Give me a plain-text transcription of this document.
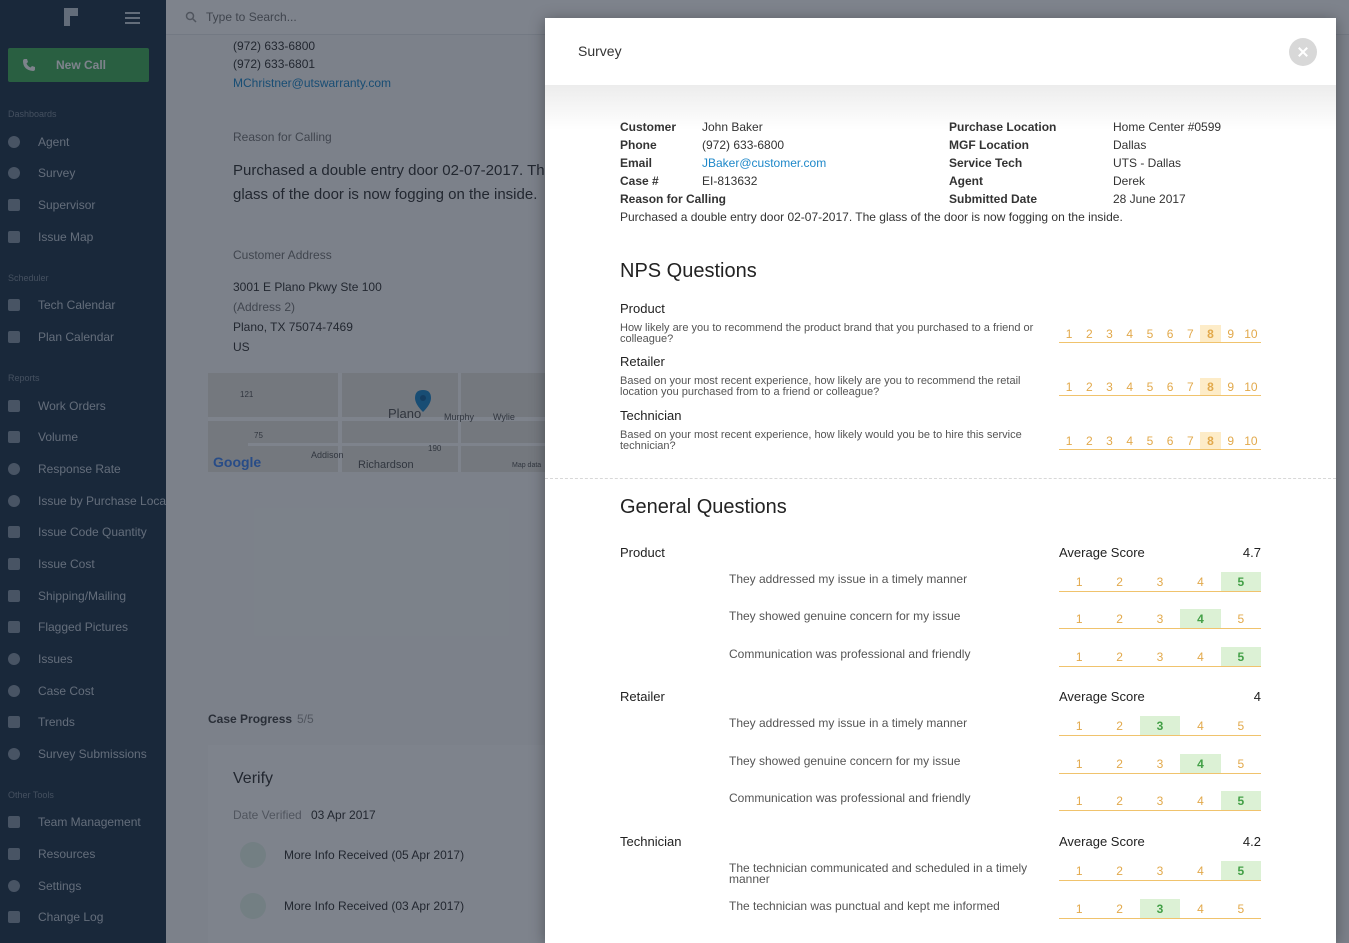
Type to Search...
Survey
Customer John Baker
Phone	(972) 633-6800
Email	JBaker@customer.com
Case #	EI-813632
Reason for Calling
Purchased a double entry door 02-07-2017. The glass of the door is now fogging on the inside.
Purchase Location	Home Center #0599
MGF Location	Dallas
Service Tech	UTS - Dallas
Agent	Derek
Submitted Date	28 June 2017
NPS Questions
Product
How likely are you to recommend the product brand that you purchased to a friend or colleague?	1	2	3	4	5	6	7	8	9 10
Retailer
Based on your most recent experience, how likely are you to recommend the retail location you purchased from to a friend or colleague?	1	2	3	4	5	6	7	8	9 10
Technician
Based on your most recent experience, how likely would you be to hire this service technician?	1	2	3	4	5	6	7	8	9 10
General Questions
Product	Average Score	4.7
They addressed my issue in a timely manner	1	2	3	4	5
They showed genuine concern for my issue	1	2	3	4	5
Communication was professional and friendly	1	2	3	4	5
Retailer	Average Score	4
They addressed my issue in a timely manner	1	2	3	4	5
They showed genuine concern for my issue	1	2	3	4	5
Communication was professional and friendly	1	2	3	4	5
Technician	Average Score	4.2
The technician communicated and scheduled in a timely manner
1	2	3	4	5
The technician was punctual and kept me informed	1	2	3	4	5
